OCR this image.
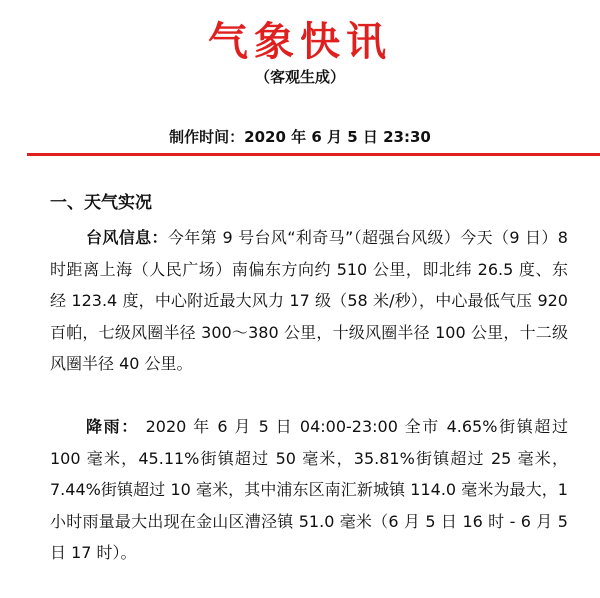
气象快讯
（客观生成）
制作时间：2020 年 6 月 5 日 23:30
一、天气实况

台风信息：今年第 9 号台风“利奇马”（超强台风级）今天（9 日）8 时距离上海（人民广场）南偏东方向约 510 公里，即北纬 26.5 度、东经 123.4 度，中心附近最大风力 17 级（58 米/秒），中心最低气压 920 百帕，七级风圈半径 300～380 公里，十级风圈半径 100 公里，十二级风圈半径 40 公里。

降雨： 2020 年 6 月 5 日 04:00-23:00 全市 4.65%街镇超过 100 毫米，45.11%街镇超过 50 毫米，35.81%街镇超过 25 毫米，7.44%街镇超过 10 毫米，其中浦东区南汇新城镇 114.0 毫米为最大，1 小时雨量最大出现在金山区漕泾镇 51.0 毫米（6 月 5 日 16 时 - 6 月 5 日 17 时）。
